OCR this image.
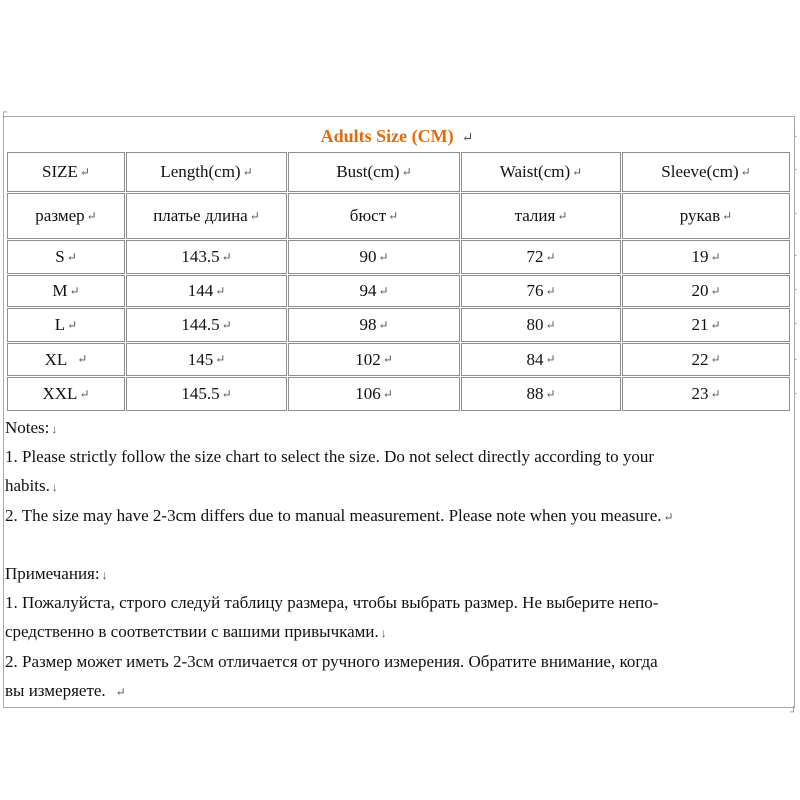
Adults Size (CM) ↵
SIZE ↵	Length(cm) ↵	Bust(cm) ↵	Waist(cm) ↵	Sleeve(cm) ↵
размер ↵	платье длина ↵	бюст ↵	талия ↵	рукав ↵
S ↵	143.5 ↵	90 ↵	72 ↵	19 ↵
M ↵	144 ↵	94 ↵	76 ↵	20 ↵
L ↵	144.5 ↵	98 ↵	80 ↵	21 ↵
XL ↵	145 ↵	102 ↵	84 ↵	22 ↵
XXL ↵	145.5 ↵	106 ↵	88 ↵	23 ↵
Notes: ↓
1. Please strictly follow the size chart to select the size. Do not select directly according to your
habits. ↓
2. The size may have 2-3cm differs due to manual measurement. Please note when you measure. ↵
Примечания: ↓
1. Пожалуйста, строго следуй таблицу размера, чтобы выбрать размер. Не выберите непо-
средственно в соответствии с вашими привычками. ↓
2. Размер может иметь 2-3см отличается от ручного измерения. Обратите внимание, когда
вы измеряете. ↵
·
·
·
·
·
·
·
·
┌
┘
